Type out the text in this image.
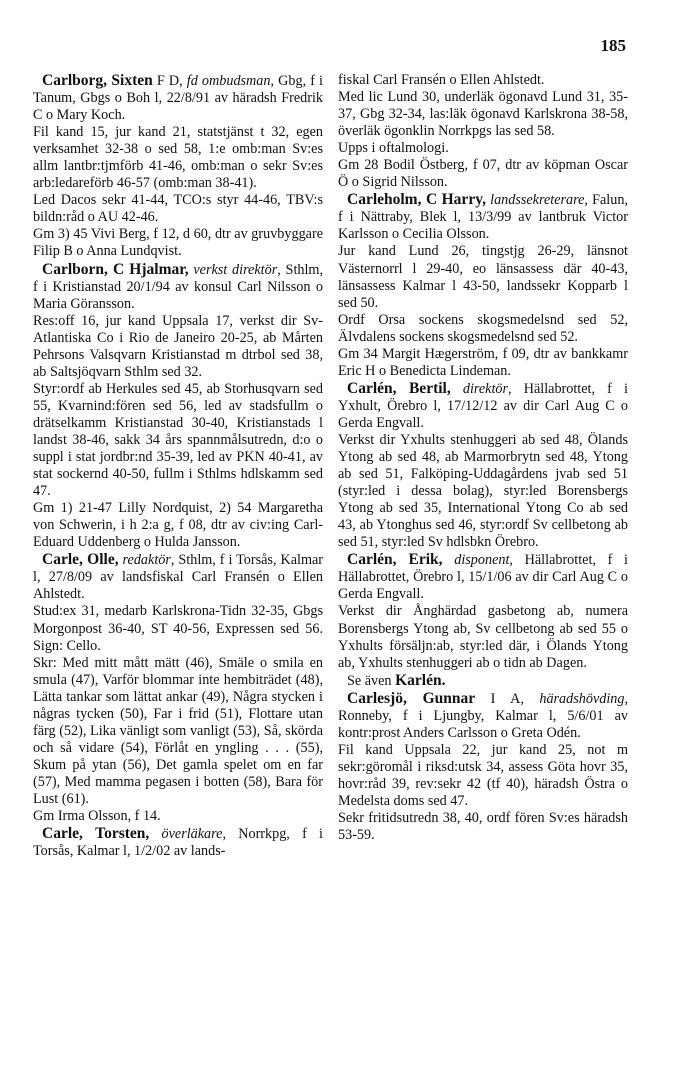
185

Carlborg, Sixten F D, fd ombudsman, Gbg, f i Tanum, Gbgs o Boh l, 22/8/91 av häradsh Fredrik C o Mary Koch.

Fil kand 15, jur kand 21, statstjänst t 32, egen verksamhet 32-38 o sed 58, 1:e omb:man Sv:es allm lantbr:tjmförb 41-46, omb:man o sekr Sv:es arb:ledareförb 46-57 (omb:man 38-41).

Led Dacos sekr 41-44, TCO:s styr 44-46, TBV:s bildn:råd o AU 42-46.

Gm 3) 45 Vivi Berg, f 12, d 60, dtr av gruvbyggare Filip B o Anna Lundqvist.

Carlborn, C Hjalmar, verkst direktör, Sthlm, f i Kristianstad 20/1/94 av konsul Carl Nilsson o Maria Göransson.

Res:off 16, jur kand Uppsala 17, verkst dir Sv-Atlantiska Co i Rio de Janeiro 20-25, ab Mårten Pehrsons Valsqvarn Kristianstad m dtrbol sed 38, ab Saltsjöqvarn Sthlm sed 32.

Styr:ordf ab Herkules sed 45, ab Storhusqvarn sed 55, Kvarnind:fören sed 56, led av stadsfullm o drätselkamm Kristianstad 30-40, Kristianstads l landst 38-46, sakk 34 års spannmålsutredn, d:o o suppl i stat jordbr:nd 35-39, led av PKN 40-41, av stat sockernd 40-50, fullm i Sthlms hdlskamm sed 47.

Gm 1) 21-47 Lilly Nordquist, 2) 54 Margaretha von Schwerin, i h 2:a g, f 08, dtr av civ:ing Carl-Eduard Uddenberg o Hulda Jansson.

Carle, Olle, redaktör, Sthlm, f i Torsås, Kalmar l, 27/8/09 av landsfiskal Carl Fransén o Ellen Ahlstedt.

Stud:ex 31, medarb Karlskrona-Tidn 32-35, Gbgs Morgonpost 36-40, ST 40-56, Expressen sed 56. Sign: Cello.

Skr: Med mitt mått mätt (46), Smäle o smila en smula (47), Varför blommar inte hembiträdet (48), Lätta tankar som lättat ankar (49), Några stycken i någras tycken (50), Far i frid (51), Flottare utan färg (52), Lika vänligt som vanligt (53), Så, skörda och så vidare (54), Förlåt en yngling . . . (55), Skum på ytan (56), Det gamla spelet om en far (57), Med mamma pegasen i botten (58), Bara för Lust (61).

Gm Irma Olsson, f 14.

Carle, Torsten, överläkare, Norrkpg, f i Torsås, Kalmar l, 1/2/02 av lands-

fiskal Carl Fransén o Ellen Ahlstedt.

Med lic Lund 30, underläk ögonavd Lund 31, 35-37, Gbg 32-34, las:läk ögonavd Karlskrona 38-58, överläk ögonklin Norrkpgs las sed 58.

Upps i oftalmologi.

Gm 28 Bodil Östberg, f 07, dtr av köpman Oscar Ö o Sigrid Nilsson.

Carleholm, C Harry, landssekreterare, Falun, f i Nättraby, Blek l, 13/3/99 av lantbruk Victor Karlsson o Cecilia Olsson.

Jur kand Lund 26, tingstjg 26-29, länsnot Västernorrl l 29-40, eo länsassess där 40-43, länsassess Kalmar l 43-50, landssekr Kopparb l sed 50.

Ordf Orsa sockens skogsmedelsnd sed 52, Älvdalens sockens skogsmedelsnd sed 52.

Gm 34 Margit Hægerström, f 09, dtr av bankkamr Eric H o Benedicta Lindeman.

Carlén, Bertil, direktör, Hällabrottet, f i Yxhult, Örebro l, 17/12/12 av dir Carl Aug C o Gerda Engvall.

Verkst dir Yxhults stenhuggeri ab sed 48, Ölands Ytong ab sed 48, ab Marmorbrytn sed 48, Ytong ab sed 51, Falköping-Uddagårdens jvab sed 51 (styr:led i dessa bolag), styr:led Borensbergs Ytong ab sed 35, International Ytong Co ab sed 43, ab Ytonghus sed 46, styr:ordf Sv cellbetong ab sed 51, styr:led Sv hdlsbkn Örebro.

Carlén, Erik, disponent, Hällabrottet, f i Hällabrottet, Örebro l, 15/1/06 av dir Carl Aug C o Gerda Engvall.

Verkst dir Ånghärdad gasbetong ab, numera Borensbergs Ytong ab, Sv cellbetong ab sed 55 o Yxhults försäljn:ab, styr:led där, i Ölands Ytong ab, Yxhults stenhuggeri ab o tidn ab Dagen.

Se även Karlén.

Carlesjö, Gunnar I A, häradshövding, Ronneby, f i Ljungby, Kalmar l, 5/6/01 av kontr:prost Anders Carlsson o Greta Odén.

Fil kand Uppsala 22, jur kand 25, not m sekr:göromål i riksd:utsk 34, assess Göta hovr 35, hovr:råd 39, rev:sekr 42 (tf 40), häradsh Östra o Medelsta doms sed 47.

Sekr fritidsutredn 38, 40, ordf fören Sv:es häradsh 53-59.
